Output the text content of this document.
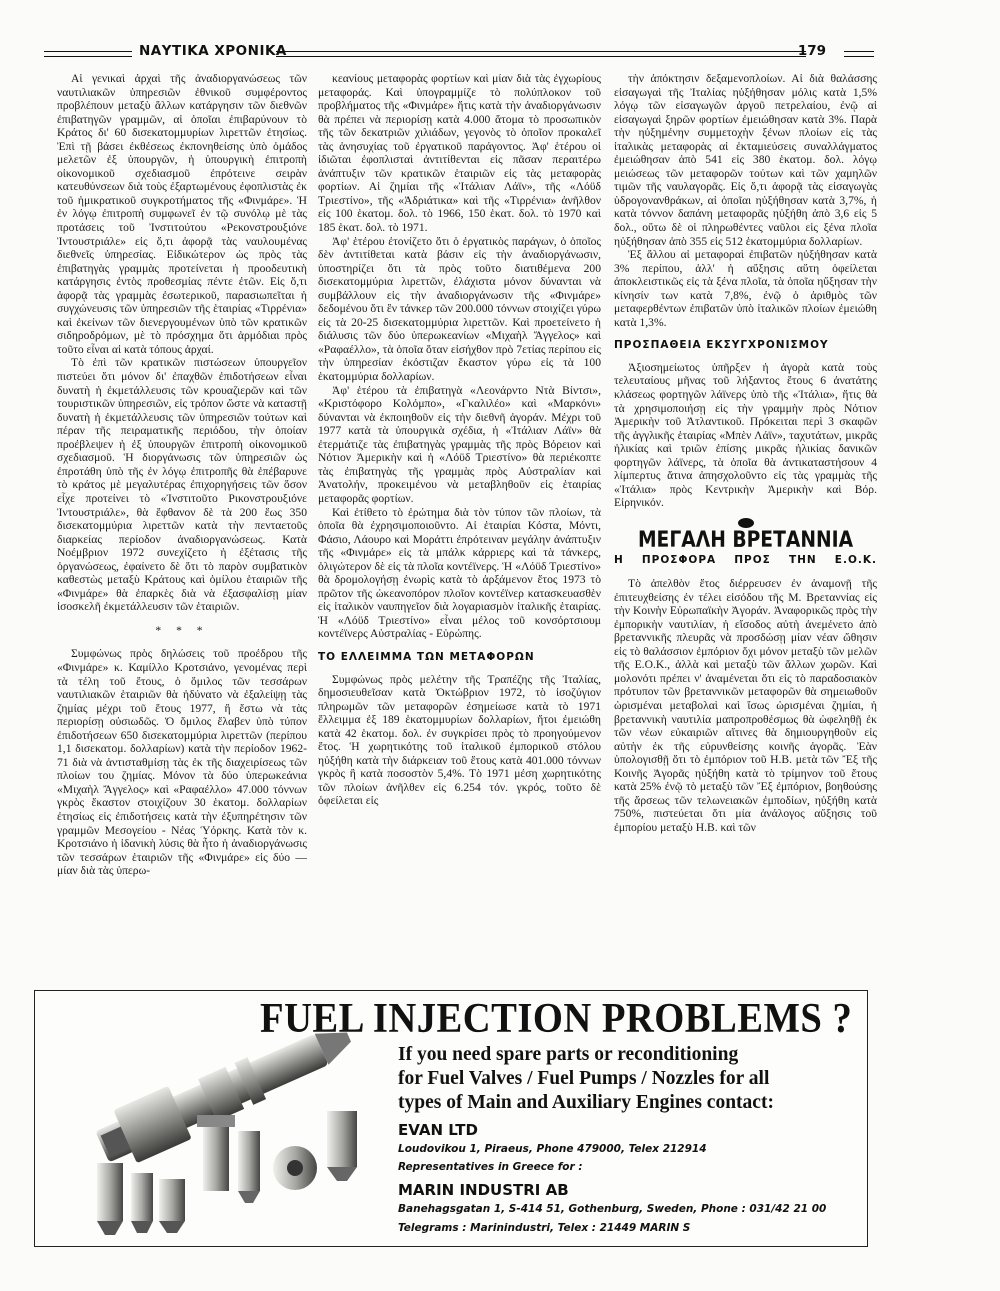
ΝΑΥΤΙΚΑ ΧΡΟΝΙΚΑ	179

Αἱ γενικαὶ ἀρχαὶ τῆς ἀναδιοργανώσεως τῶν ναυτιλιακῶν ὑπηρεσιῶν ἐθνικοῦ συμφέροντος προβλέπουν μεταξὺ ἄλλων κατάργησιν τῶν διεθνῶν ἐπιβατηγῶν γραμμῶν, αἱ ὁποῖαι ἐπιβαρύνουν τὸ Κράτος δι' 60 δισεκατομμυρίων λιρεττῶν ἐτησίως. Ἐπὶ τῇ βάσει ἐκθέσεως ἐκπονηθείσης ὑπὸ ὁμάδος μελετῶν ἐξ ὑπουργῶν, ἡ ὑπουργικὴ ἐπιτροπὴ οἰκονομικοῦ σχεδιασμοῦ ἐπρότεινε σειρὰν κατευθύνσεων διὰ τοὺς ἐξαρτωμένους ἐφοπλιστὰς ἐκ τοῦ ἡμικρατικοῦ συγκροτήματος τῆς «Φινμάρε». Ἡ ἐν λόγῳ ἐπιτροπὴ συμφωνεῖ ἐν τῷ συνόλῳ μὲ τὰς προτάσεις τοῦ Ἰνστιτούτου «Ρεκονστρουξιόνε Ἰντουστριάλε» εἰς ὅ,τι ἀφορᾷ τὰς ναυλουμένας διεθνεῖς ὑπηρεσίας. Εἰδικώτερον ὡς πρὸς τὰς ἐπιβατηγὰς γραμμὰς προτείνεται ἡ προοδευτικὴ κατάργησις ἐντὸς προθεσμίας πέντε ἐτῶν. Εἰς ὅ,τι ἀφορᾷ τὰς γραμμὰς ἐσωτερικοῦ, παρασιωπεῖται ἡ συγχώνευσις τῶν ὑπηρεσιῶν τῆς ἑταιρίας «Τιρρένια» καὶ ἐκείνων τῶν διενεργουμένων ὑπὸ τῶν κρατικῶν σιδηροδρόμων, μὲ τὸ πρόσχημα ὅτι ἁρμόδιαι πρὸς τοῦτο εἶναι αἱ κατὰ τόπους ἀρχαί.

Τὸ ἐπὶ τῶν κρατικῶν πιστώσεων ὑπουργεῖον πιστεύει ὅτι μόνον δι' ἐπαχθῶν ἐπιδοτήσεων εἶναι δυνατὴ ἡ ἐκμετάλλευσις τῶν κρουαζιερῶν καὶ τῶν τουριστικῶν ὑπηρεσιῶν, εἰς τρόπον ὥστε νὰ καταστῇ δυνατὴ ἡ ἐκμετάλλευσις τῶν ὑπηρεσιῶν τούτων καὶ πέραν τῆς πειραματικῆς περιόδου, τὴν ὁποίαν προέβλεψεν ἡ ἐξ ὑπουργῶν ἐπιτροπὴ οἰκονομικοῦ σχεδιασμοῦ. Ἡ διοργάνωσις τῶν ὑπηρεσιῶν ὡς ἐπροτάθη ὑπὸ τῆς ἐν λόγῳ ἐπιτροπῆς θὰ ἐπέβαρυνε τὸ κράτος μὲ μεγαλυτέρας ἐπιχορηγήσεις τῶν ὅσον εἶχε προτείνει τὸ «Ἰνστιτοῦτο Ρικονστρουξιόνε Ἰντουστριάλε», θὰ ἔφθανον δὲ τὰ 200 ἕως 350 δισεκατομμύρια λιρεττῶν κατὰ τὴν πενταετοῦς διαρκείας περίοδον ἀναδιοργανώσεως. Κατὰ Νοέμβριον 1972 συνεχίζετο ἡ ἐξέτασις τῆς ὀργανώσεως, ἐφαίνετο δὲ ὅτι τὸ παρὸν συμβατικὸν καθεστὼς μεταξὺ Κράτους καὶ ὁμίλου ἑταιριῶν τῆς «Φινμάρε» θὰ ἐπαρκὲς διὰ νὰ ἐξασφαλίσῃ μίαν ἰσοσκελῆ ἐκμετάλλευσιν τῶν ἑταιριῶν.

* * *

Συμφώνως πρὸς δηλώσεις τοῦ προέδρου τῆς «Φινμάρε» κ. Καμίλλο Κροτσιάνο, γενομένας περὶ τὰ τέλη τοῦ ἔτους, ὁ ὅμιλος τῶν τεσσάρων ναυτιλιακῶν ἑταιριῶν θὰ ἠδύνατο νὰ ἐξαλείψῃ τὰς ζημίας μέχρι τοῦ ἔτους 1977, ἢ ἔστω νὰ τὰς περιορίσῃ οὐσιωδῶς. Ὁ ὅμιλος ἔλαβεν ὑπὸ τύπον ἐπιδοτήσεων 650 δισεκατομμύρια λιρεττῶν (περίπου 1,1 δισεκατομ. δολλαρίων) κατὰ τὴν περίοδον 1962-71 διὰ νὰ ἀντισταθμίσῃ τὰς ἐκ τῆς διαχειρίσεως τῶν πλοίων του ζημίας. Μόνον τὰ δύο ὑπερωκεάνια «Μιχαὴλ Ἄγγελος» καὶ «Ραφαέλλο» 47.000 τόννων γκρὸς ἕκαστον στοιχίζουν 30 ἑκατομ. δολλαρίων ἐτησίως εἰς ἐπιδοτήσεις κατὰ τὴν ἐξυπηρέτησιν τῶν γραμμῶν Μεσογείου - Νέας Ὑόρκης. Κατὰ τὸν κ. Κροτσιάνο ἡ ἰδανικὴ λύσις θὰ ἦτο ἡ ἀναδιοργάνωσις τῶν τεσσάρων ἑταιριῶν τῆς «Φινμάρε» εἰς δύο — μίαν διὰ τὰς ὑπερω-

κεανίους μεταφορὰς φορτίων καὶ μίαν διὰ τὰς ἐγχωρίους μεταφοράς. Καὶ ὑπογραμμίζε τὸ πολύπλοκον τοῦ προβλήματος τῆς «Φινμάρε» ἥτις κατὰ τὴν ἀναδιοργάνωσιν θὰ πρέπει νὰ περιορίσῃ κατὰ 4.000 ἄτομα τὸ προσωπικὸν τῆς τῶν δεκατριῶν χιλιάδων, γεγονὸς τὸ ὁποῖον προκαλεῖ τὰς ἀνησυχίας τοῦ ἐργατικοῦ παράγοντος. Ἀφ' ἑτέρου οἱ ἰδιῶται ἐφοπλισταὶ ἀντιτίθενται εἰς πᾶσαν περαιτέρω ἀνάπτυξιν τῶν κρατικῶν ἑταιριῶν εἰς τὰς μεταφορὰς φορτίων. Αἱ ζημίαι τῆς «Ἰτάλιαν Λάϊν», τῆς «Λόϋδ Τριεστίνο», τῆς «Ἀδριάτικα» καὶ τῆς «Τιρρένια» ἀνῆλθον εἰς 100 ἑκατομ. δολ. τὸ 1966, 150 ἑκατ. δολ. τὸ 1970 καὶ 185 ἑκατ. δολ. τὸ 1971.

Ἀφ' ἑτέρου ἐτονίζετο ὅτι ὁ ἐργατικὸς παράγων, ὁ ὁποῖος δὲν ἀντιτίθεται κατὰ βάσιν εἰς τὴν ἀναδιοργάνωσιν, ὑποστηρίζει ὅτι τὰ πρὸς τοῦτο διατιθέμενα 200 δισεκατομμύρια λιρεττῶν, ἐλάχιστα μόνον δύνανται νὰ συμβάλλουν εἰς τὴν ἀναδιοργάνωσιν τῆς «Φινμάρε» δεδομένου ὅτι ἓν τάνκερ τῶν 200.000 τόννων στοιχίζει γύρω εἰς τὰ 20-25 δισεκατομμύρια λιρεττῶν. Καὶ προετείνετο ἡ διάλυσις τῶν δύο ὑπερωκεανίων «Μιχαὴλ Ἄγγελος» καὶ «Ραφαέλλο», τὰ ὁποῖα ὅταν εἰσήχθον πρὸ 7ετίας περίπου εἰς τὴν ὑπηρεσίαν ἐκόστιζαν ἕκαστον γύρω εἰς τὰ 100 ἑκατομμύρια δολλαρίων.

Ἀφ' ἑτέρου τὰ ἐπιβατηγὰ «Λεονάρντο Ντὰ Βίντσι», «Κριστόφορο Κολόμπο», «Γκαλιλέο» καὶ «Μαρκόνι» δύνανται νὰ ἐκποιηθοῦν εἰς τὴν διεθνῆ ἀγοράν. Μέχρι τοῦ 1977 κατὰ τὰ ὑπουργικὰ σχέδια, ἡ «Ἰτάλιαν Λάϊν» θὰ ἐτερμάτιζε τὰς ἐπιβατηγὰς γραμμὰς τῆς πρὸς Βόρειον καὶ Νότιον Ἀμερικὴν καὶ ἡ «Λόϋδ Τριεστίνο» θὰ περιέκοπτε τὰς ἐπιβατηγὰς τῆς γραμμὰς πρὸς Αὐστραλίαν καὶ Ἀνατολήν, προκειμένου νὰ μεταβληθοῦν εἰς ἑταιρίας μεταφορᾶς φορτίων.

Καὶ ἐτίθετο τὸ ἐρώτημα διὰ τὸν τύπον τῶν πλοίων, τὰ ὁποῖα θὰ ἐχρησιμοποιοῦντο. Αἱ ἑταιρίαι Κόστα, Μόντι, Φάσιο, Λάουρο καὶ Μοράττι ἐπρότειναν μεγάλην ἀνάπτυξιν τῆς «Φινμάρε» εἰς τὰ μπάλκ κάρριερς καὶ τὰ τάνκερς, ὀλιγώτερον δὲ εἰς τὰ πλοῖα κοντέϊνερς. Ἡ «Λόϋδ Τριεστίνο» θὰ δρομολογήσῃ ἐνωρὶς κατὰ τὸ ἀρξάμενον ἔτος 1973 τὸ πρῶτον τῆς ὠκεανοπόρον πλοῖον κοντέϊνερ κατασκευασθὲν εἰς ἰταλικὸν ναυπηγεῖον διὰ λογαριασμὸν ἰταλικῆς ἑταιρίας. Ἡ «Λόϋδ Τριεστίνο» εἶναι μέλος τοῦ κονσόρτσιουμ κοντέϊνερς Αὐστραλίας - Εὐρώπης.

ΤΟ ΕΛΛΕΙΜΜΑ ΤΩΝ ΜΕΤΑΦΟΡΩΝ

Συμφώνως πρὸς μελέτην τῆς Τραπέζης τῆς Ἰταλίας, δημοσιευθεῖσαν κατὰ Ὀκτώβριον 1972, τὸ ἰσοζύγιον πληρωμῶν τῶν μεταφορῶν ἐσημείωσε κατὰ τὸ 1971 ἔλλειμμα ἐξ 189 ἑκατομμυρίων δολλαρίων, ἤτοι ἐμειώθη κατὰ 42 ἑκατομ. δολ. ἐν συγκρίσει πρὸς τὸ προηγούμενον ἔτος. Ἡ χωρητικότης τοῦ ἰταλικοῦ ἐμπορικοῦ στόλου ηὐξήθη κατὰ τὴν διάρκειαν τοῦ ἔτους κατὰ 401.000 τόννων γκρὸς ἢ κατὰ ποσοστὸν 5,4%. Τὸ 1971 μέση χωρητικότης τῶν πλοίων ἀνῆλθεν εἰς 6.254 τόν. γκρός, τοῦτο δὲ ὀφείλεται εἰς

τὴν ἀπόκτησιν δεξαμενοπλοίων. Αἱ διὰ θαλάσσης εἰσαγωγαὶ τῆς Ἰταλίας ηὐξήθησαν μόλις κατὰ 1,5% λόγῳ τῶν εἰσαγωγῶν ἀργοῦ πετρελαίου, ἐνῷ αἱ εἰσαγωγαὶ ξηρῶν φορτίων ἐμειώθησαν κατὰ 3%. Παρὰ τὴν ηὐξημένην συμμετοχὴν ξένων πλοίων εἰς τὰς ἰταλικὰς μεταφορὰς αἱ ἐκταμιεύσεις συναλλάγματος ἐμειώθησαν ἀπὸ 541 εἰς 380 ἑκατομ. δολ. λόγῳ μειώσεως τῶν μεταφορῶν τούτων καὶ τῶν χαμηλῶν τιμῶν τῆς ναυλαγορᾶς. Εἰς ὅ,τι ἀφορᾷ τὰς εἰσαγωγὰς ὑδρογονανθράκων, αἱ ὁποῖαι ηὐξήθησαν κατὰ 3,7%, ἡ κατὰ τόννον δαπάνη μεταφορᾶς ηὐξήθη ἀπὸ 3,6 εἰς 5 δολ., οὕτω δὲ οἱ πληρωθέντες ναῦλοι εἰς ξένα πλοῖα ηὐξήθησαν ἀπὸ 355 εἰς 512 ἑκατομμύρια δολλαρίων.

Ἐξ ἄλλου αἱ μεταφοραὶ ἐπιβατῶν ηὐξήθησαν κατὰ 3% περίπου, ἀλλ' ἡ αὔξησις αὕτη ὀφείλεται ἀποκλειστικῶς εἰς τὰ ξένα πλοῖα, τὰ ὁποῖα ηὔξησαν τὴν κίνησίν των κατὰ 7,8%, ἐνῷ ὁ ἀριθμὸς τῶν μεταφερθέντων ἐπιβατῶν ὑπὸ ἰταλικῶν πλοίων ἐμειώθη κατὰ 1,3%.

ΠΡΟΣΠΑΘΕΙΑ ΕΚΣΥΓΧΡΟΝΙΣΜΟΥ

Ἀξιοσημείωτος ὑπῆρξεν ἡ ἀγορὰ κατὰ τοὺς τελευταίους μῆνας τοῦ λήξαντος ἔτους 6 ἀνατάτης κλάσεως φορτηγῶν λάϊνερς ὑπὸ τῆς «Ἰτάλια», ἥτις θὰ τὰ χρησιμοποιήσῃ εἰς τὴν γραμμὴν πρὸς Νότιον Ἀμερικὴν τοῦ Ἀτλαντικοῦ. Πρόκειται περὶ 3 σκαφῶν τῆς ἀγγλικῆς ἑταιρίας «Μπὲν Λάϊν», ταχυτάτων, μικρᾶς ἡλικίας καὶ τριῶν ἐπίσης μικρᾶς ἡλικίας δανικῶν φορτηγῶν λάϊνερς, τὰ ὁποῖα θὰ ἀντικαταστήσουν 4 λίμπερτυς ἅτινα ἀπησχολοῦντο εἰς τὰς γραμμὰς τῆς «Ἰτάλια» πρὸς Κεντρικὴν Ἀμερικὴν καὶ Βόρ. Εἰρηνικόν.

ΜΕΓΑΛΗ ΒΡΕΤΑΝΝΙΑ
Η ΠΡΟΣΦΟΡΑ ΠΡΟΣ ΤΗΝ Ε.Ο.Κ.

Τὸ ἀπελθὸν ἔτος διέρρευσεν ἐν ἀναμονῇ τῆς ἐπιτευχθείσης ἐν τέλει εἰσόδου τῆς Μ. Βρεταννίας εἰς τὴν Κοινὴν Εὐρωπαϊκὴν Ἀγοράν. Ἀναφορικῶς πρὸς τὴν ἐμπορικὴν ναυτιλίαν, ἡ εἴσοδος αὐτὴ ἀνεμένετο ἀπὸ βρεταννικῆς πλευρᾶς νὰ προσδώσῃ μίαν νέαν ὤθησιν εἰς τὸ θαλάσσιον ἐμπόριον ὄχι μόνον μεταξὺ τῶν μελῶν τῆς Ε.Ο.Κ., ἀλλὰ καὶ μεταξὺ τῶν ἄλλων χωρῶν. Καὶ μολονότι πρέπει ν' ἀναμένεται ὅτι εἰς τὸ παραδοσιακὸν πρότυπον τῶν βρεταννικῶν μεταφορῶν θὰ σημειωθοῦν ὡρισμέναι μεταβολαὶ καὶ ἴσως ὡρισμέναι ζημίαι, ἡ βρεταννικὴ ναυτιλία μαπροπροθέσμως θὰ ὠφεληθῇ ἐκ τῶν νέων εὐκαιριῶν αἵτινες θὰ δημιουργηθοῦν εἰς αὐτὴν ἐκ τῆς εὐρυνθείσης κοινῆς ἀγορᾶς. Ἐὰν ὑπολογισθῇ ὅτι τὸ ἐμπόριον τοῦ Η.Β. μετὰ τῶν Ἔξ τῆς Κοινῆς Ἀγορᾶς ηὐξήθη κατὰ τὸ τρίμηνον τοῦ ἔτους κατὰ 25% ἐνῷ τὸ μεταξὺ τῶν Ἔξ ἐμπόριον, βοηθούσης τῆς ἄρσεως τῶν τελωνειακῶν ἐμποδίων, ηὐξήθη κατὰ 750%, πιστεύεται ὅτι μία ἀνάλογος αὔξησις τοῦ ἐμπορίου μεταξὺ Η.Β. καὶ τῶν

FUEL INJECTION PROBLEMS ?
If you need spare parts or reconditioning
for Fuel Valves / Fuel Pumps / Nozzles for all
types of Main and Auxiliary Engines contact:
EVAN LTD
Loudovikou 1, Piraeus, Phone 479000, Telex 212914
Representatives in Greece for :
MARIN INDUSTRI AB
Banehagsgatan 1, S-414 51, Gothenburg, Sweden, Phone : 031/42 21 00
Telegrams : Marinindustri, Telex : 21449 MARIN S
